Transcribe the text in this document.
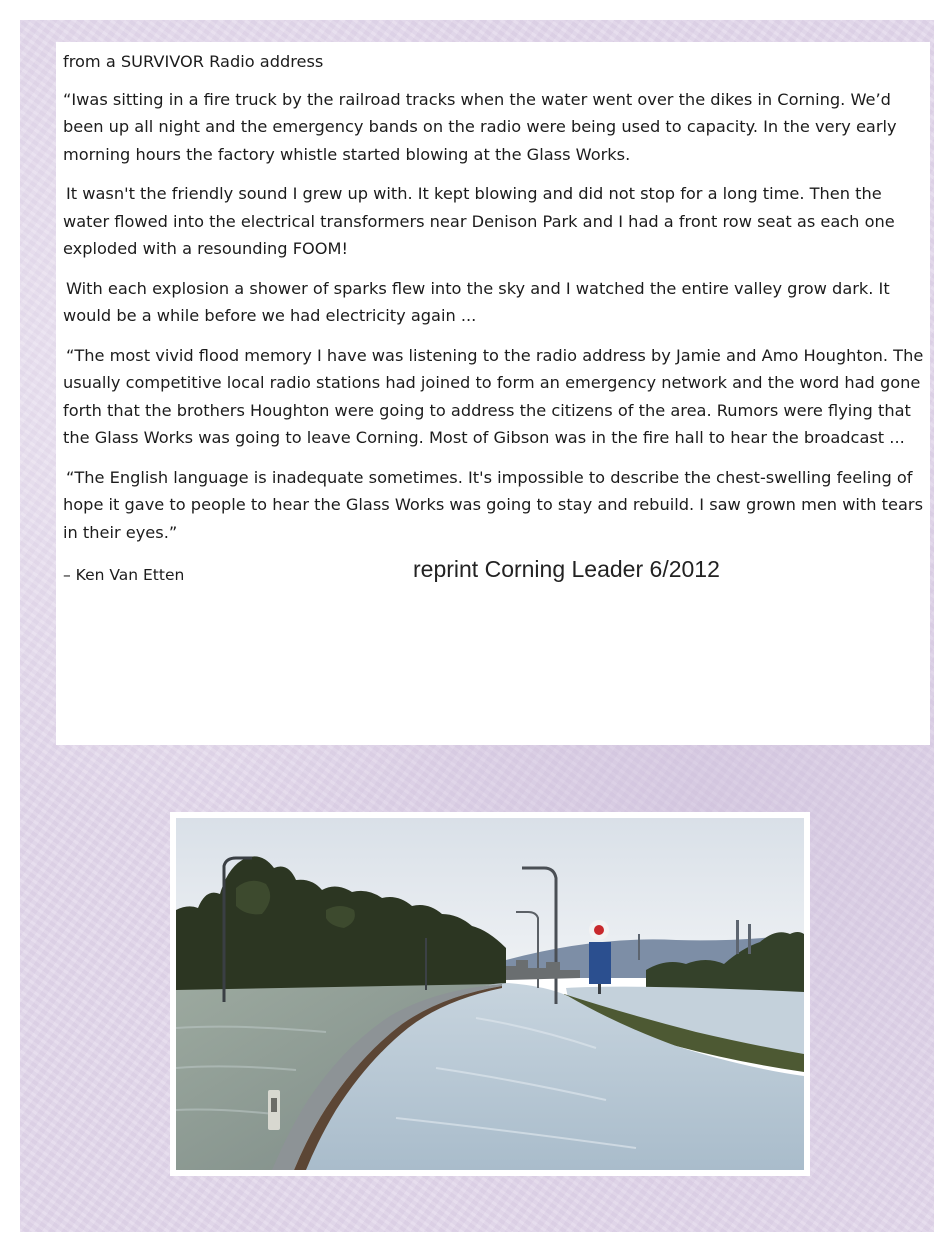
from a SURVIVOR Radio address

“Iwas sitting in a fire truck by the railroad tracks when the water went over the dikes in Corning. We’d been up all night and the emergency bands on the radio were being used to capacity. In the very early morning hours the factory whistle started blowing at the Glass Works.

It wasn't the friendly sound I grew up with. It kept blowing and did not stop for a long time. Then the water flowed into the electrical transformers near Denison Park and I had a front row seat as each one exploded with a resounding FOOM!

With each explosion a shower of sparks flew into the sky and I watched the entire valley grow dark. It would be a while before we had electricity again ...

“The most vivid flood memory I have was listening to the radio address by Jamie and Amo Houghton. The usually competitive local radio stations had joined to form an emergency network and the word had gone forth that the brothers Houghton were going to address the citizens of the area. Rumors were flying that the Glass Works was going to leave Corning. Most of Gibson was in the fire hall to hear the broadcast ...

“The English language is inadequate sometimes. It's impossible to describe the chest-swelling feeling of hope it gave to people to hear the Glass Works was going to stay and rebuild. I saw grown men with tears in their eyes.”

– Ken Van Etten	reprint Corning Leader 6/2012
